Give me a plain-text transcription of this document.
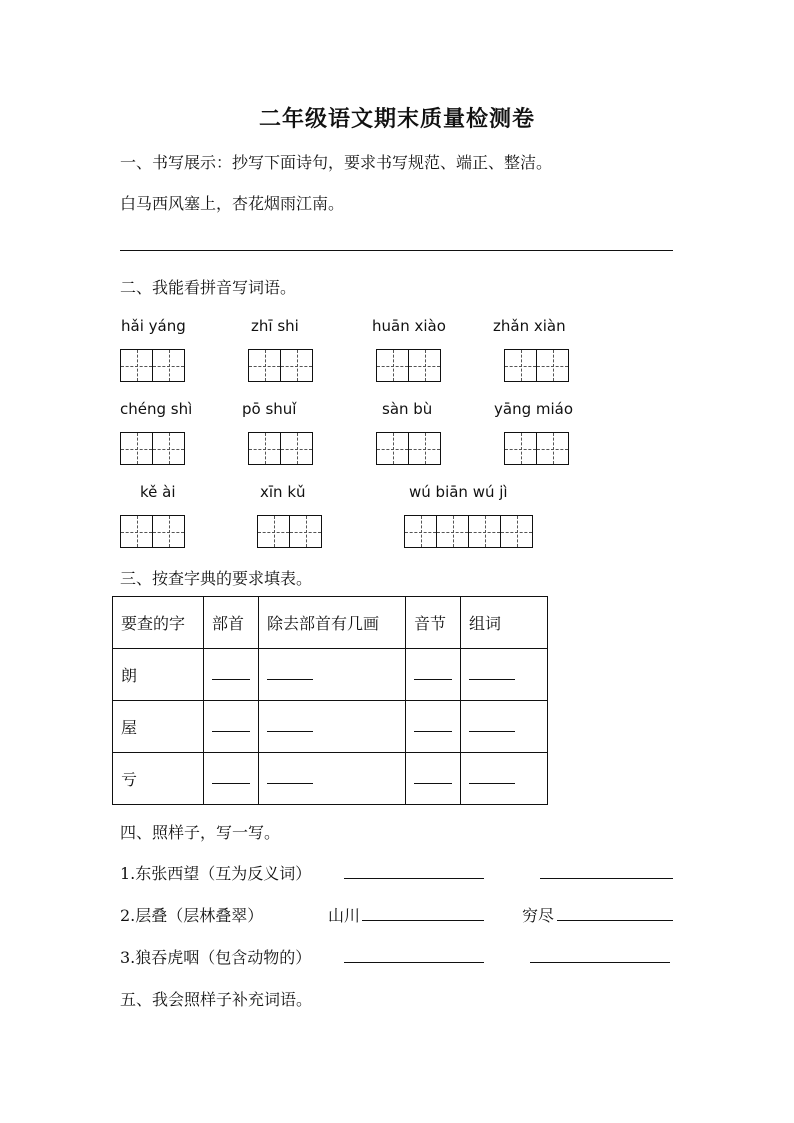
二年级语文期末质量检测卷
一、书写展示：抄写下面诗句，要求书写规范、端正、整洁。
白马西风塞上，杏花烟雨江南。
二、我能看拼音写词语。
hǎi yáng	zhī shi	huān xiào	zhǎn xiàn
chéng shì	pō shuǐ	sàn bù	yāng miáo
kě ài	xīn kǔ	wú biān wú jì
三、按查字典的要求填表。
要查的字	部首	除去部首有几画	音节	组词
朗				
屋				
亏				
四、照样子，写一写。
1.东张西望（互为反义词）
2.层叠（层林叠翠）	山川	穷尽
3.狼吞虎咽（包含动物的）
五、我会照样子补充词语。
